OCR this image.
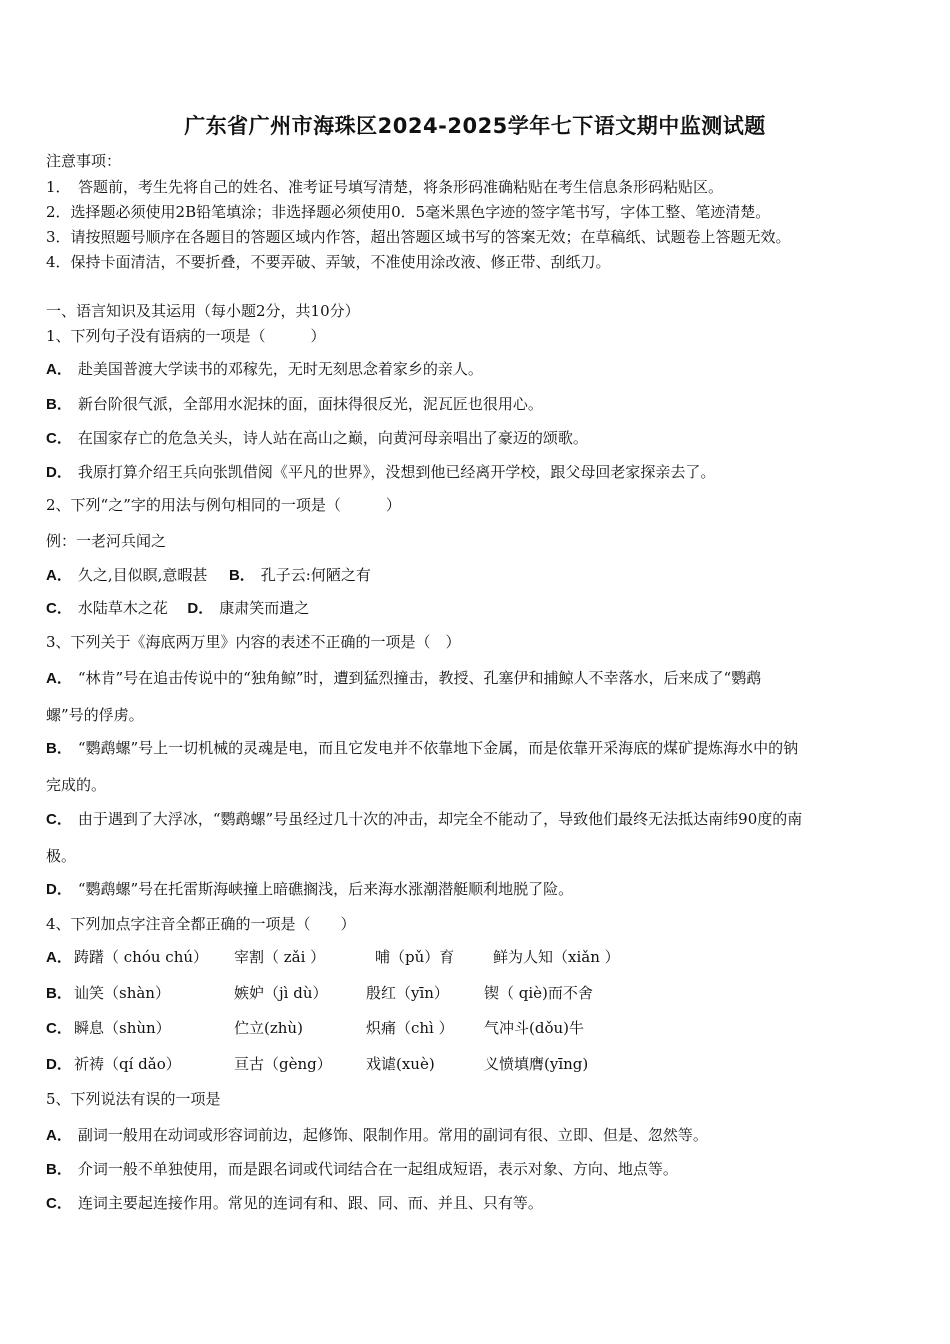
广东省广州市海珠区2024-2025学年七下语文期中监测试题
注意事项：
1．　答题前，考生先将自己的姓名、准考证号填写清楚，将条形码准确粘贴在考生信息条形码粘贴区。
2．选择题必须使用2B铅笔填涂；非选择题必须使用0．5毫米黑色字迹的签字笔书写，字体工整、笔迹清楚。
3．请按照题号顺序在各题目的答题区域内作答，超出答题区域书写的答案无效；在草稿纸、试题卷上答题无效。
4．保持卡面清洁，不要折叠，不要弄破、弄皱，不准使用涂改液、修正带、刮纸刀。
一、语言知识及其运用（每小题2分，共10分）
1、下列句子没有语病的一项是（　　　）
A． 赴美国普渡大学读书的邓稼先，无时无刻思念着家乡的亲人。
B． 新台阶很气派，全部用水泥抹的面，面抹得很反光，泥瓦匠也很用心。
C． 在国家存亡的危急关头，诗人站在高山之巅，向黄河母亲唱出了豪迈的颂歌。
D． 我原打算介绍王兵向张凯借阅《平凡的世界》，没想到他已经离开学校，跟父母回老家探亲去了。
2、下列“之”字的用法与例句相同的一项是（　　　）
例：一老河兵闻之
A． 久之,目似瞑,意暇甚 B． 孔子云:何陋之有
C． 水陆草木之花 D． 康肃笑而遣之
3、下列关于《海底两万里》内容的表述不正确的一项是（　）
A． “林肯”号在追击传说中的“独角鲸”时，遭到猛烈撞击，教授、孔塞伊和捕鲸人不幸落水，后来成了“鹦鹉
螺”号的俘虏。
B． “鹦鹉螺”号上一切机械的灵魂是电，而且它发电并不依靠地下金属，而是依靠开采海底的煤矿提炼海水中的钠
完成的。
C． 由于遇到了大浮冰，“鹦鹉螺”号虽经过几十次的冲击，却完全不能动了，导致他们最终无法抵达南纬90度的南
极。
D． “鹦鹉螺”号在托雷斯海峡撞上暗礁搁浅，后来海水涨潮潜艇顺利地脱了险。
4、下列加点字注音全都正确的一项是（　　）
A． 踌躇（ chóu chú） 宰割（ zǎi ）	哺（pǔ）育	鲜为人知（xiǎn ）
B． 讪笑（shàn）	嫉妒（jì dù）	殷红（yīn） 锲（ qiè)而不舍
C． 瞬息（shùn）	伫立(zhù)	炽痛（chì ） 气冲斗(dǒu)牛
D． 祈祷（qí dǎo）	亘古（gèng） 戏谑(xuè)	义愤填膺(yīng)
5、下列说法有误的一项是
A． 副词一般用在动词或形容词前边，起修饰、限制作用。常用的副词有很、立即、但是、忽然等。
B． 介词一般不单独使用，而是跟名词或代词结合在一起组成短语，表示对象、方向、地点等。
C． 连词主要起连接作用。常见的连词有和、跟、同、而、并且、只有等。
